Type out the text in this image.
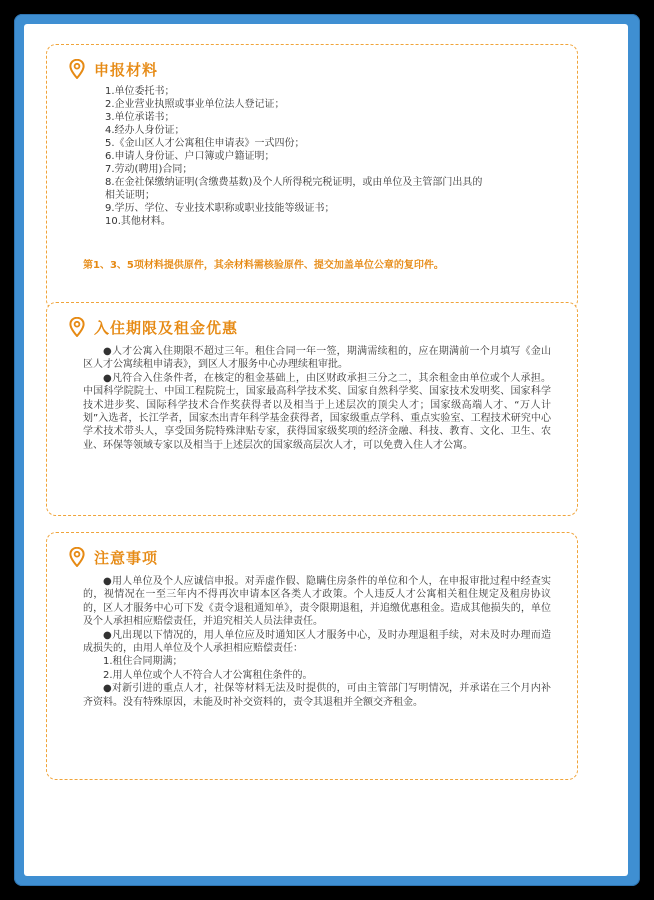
申报材料
1.单位委托书；
2.企业营业执照或事业单位法人登记证；
3.单位承诺书；
4.经办人身份证；
5.《金山区人才公寓租住申请表》一式四份；
6.申请人身份证、户口簿或户籍证明；
7.劳动(聘用)合同；
8.在金社保缴纳证明(含缴费基数)及个人所得税完税证明，或由单位及主管部门出具的相关证明；
9.学历、学位、专业技术职称或职业技能等级证书；
10.其他材料。
第1、3、5项材料提供原件，其余材料需核验原件、提交加盖单位公章的复印件。
入住期限及租金优惠

●人才公寓入住期限不超过三年。租住合同一年一签，期满需续租的，应在期满前一个月填写《金山区人才公寓续租申请表》，到区人才服务中心办理续租审批。

●凡符合入住条件者，在核定的租金基础上，由区财政承担三分之二，其余租金由单位或个人承担。中国科学院院士、中国工程院院士，国家最高科学技术奖、国家自然科学奖、国家技术发明奖、国家科学技术进步奖、国际科学技术合作奖获得者以及相当于上述层次的顶尖人才；国家级高端人才、“万人计划”入选者，长江学者，国家杰出青年科学基金获得者，国家级重点学科、重点实验室、工程技术研究中心学术技术带头人，享受国务院特殊津贴专家，获得国家级奖项的经济金融、科技、教育、文化、卫生、农业、环保等领域专家以及相当于上述层次的国家级高层次人才，可以免费入住人才公寓。

注意事项

●用人单位及个人应诚信申报。对弄虚作假、隐瞒住房条件的单位和个人，在申报审批过程中经查实的，视情况在一至三年内不得再次申请本区各类人才政策。个人违反人才公寓相关租住规定及租房协议的，区人才服务中心可下发《责令退租通知单》，责令限期退租，并追缴优惠租金。造成其他损失的，单位及个人承担相应赔偿责任，并追究相关人员法律责任。

●凡出现以下情况的，用人单位应及时通知区人才服务中心，及时办理退租手续，对未及时办理而造成损失的，由用人单位及个人承担相应赔偿责任：

1.租住合同期满；

2.用人单位或个人不符合人才公寓租住条件的。

●对新引进的重点人才，社保等材料无法及时提供的，可由主管部门写明情况，并承诺在三个月内补齐资料。没有特殊原因，未能及时补交资料的，责令其退租并全额交齐租金。
